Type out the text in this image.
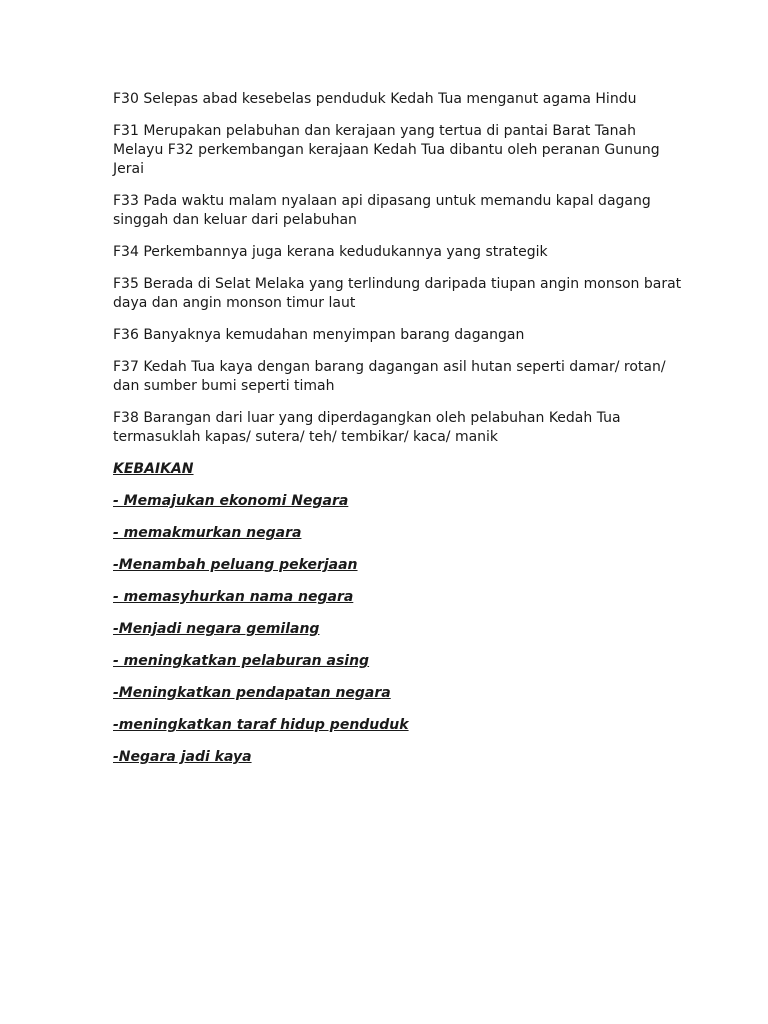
F30 Selepas abad kesebelas penduduk Kedah Tua menganut agama Hindu

F31 Merupakan pelabuhan dan kerajaan yang tertua di pantai Barat Tanah Melayu F32 perkembangan kerajaan Kedah Tua dibantu oleh peranan Gunung Jerai

F33 Pada waktu malam nyalaan api dipasang untuk memandu kapal dagang singgah dan keluar dari pelabuhan

F34 Perkembannya juga kerana kedudukannya yang strategik

F35 Berada di Selat Melaka yang terlindung daripada tiupan angin monson barat daya dan angin monson timur laut

F36 Banyaknya kemudahan menyimpan barang dagangan

F37 Kedah Tua kaya dengan barang dagangan asil hutan seperti damar/ rotan/ dan sumber bumi seperti timah

F38 Barangan dari luar yang diperdagangkan oleh pelabuhan Kedah Tua termasuklah kapas/ sutera/ teh/ tembikar/ kaca/ manik

KEBAIKAN

- Memajukan ekonomi Negara

- memakmurkan negara

-Menambah peluang pekerjaan

- memasyhurkan nama negara

-Menjadi negara gemilang

- meningkatkan pelaburan asing

-Meningkatkan pendapatan negara

-meningkatkan taraf hidup penduduk

-Negara jadi kaya
